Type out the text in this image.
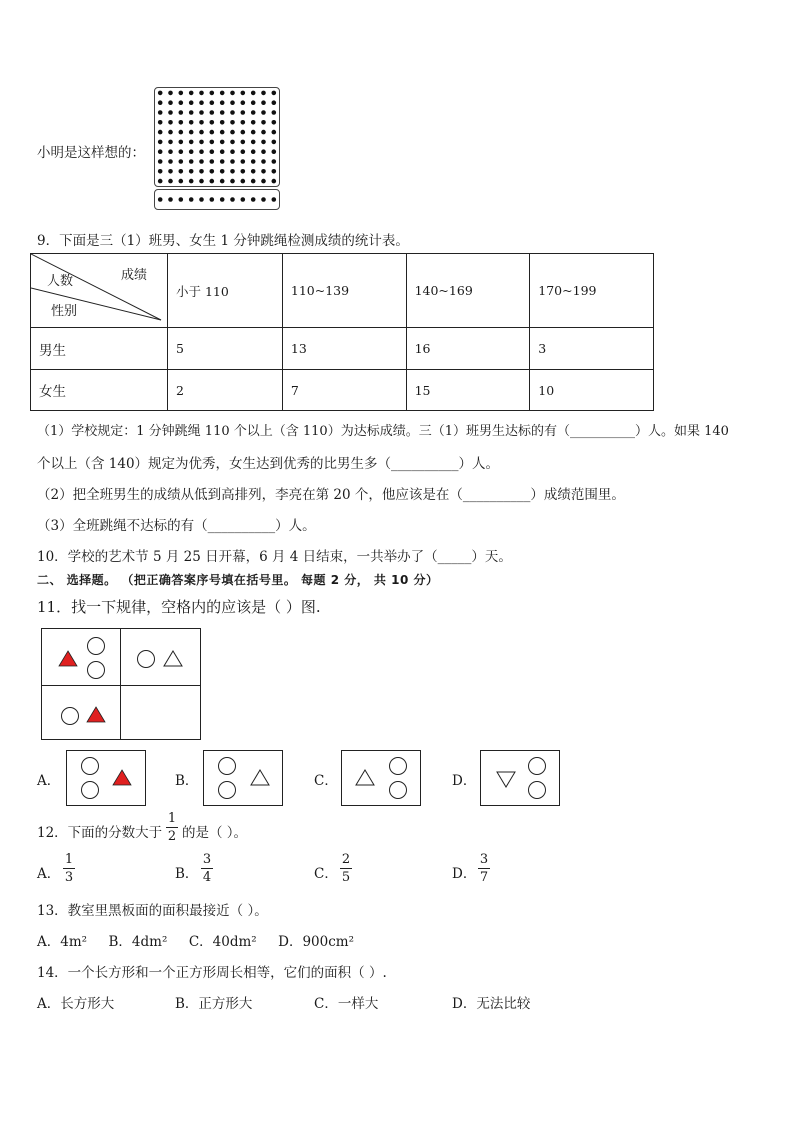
小明是这样想的：
9．下面是三（1）班男、女生 1 分钟跳绳检测成绩的统计表。
成绩
人数
性别	小于 110	110~139	140~169	170~199
男生	5	13	16	3
女生	2	7	15	10
（1）学校规定：1 分钟跳绳 110 个以上（含 110）为达标成绩。三（1）班男生达标的有（__________）人。如果 140
个以上（含 140）规定为优秀，女生达到优秀的比男生多（__________）人。
（2）把全班男生的成绩从低到高排列，李亮在第 20 个，他应该是在（__________）成绩范围里。
（3）全班跳绳不达标的有（__________）人。
10．学校的艺术节 5 月 25 日开幕，6 月 4 日结束，一共举办了（_____）天。
二、 选择题。 （把正确答案序号填在括号里。 每题 2 分， 共 10 分）
11．找一下规律，空格内的应该是（ ）图.
A．	B．	C．	D．
12．下面的分数大于
1
2 的是（ ）。
A．
1
3	B．
3
4	C．
2
5	D．
3
7
13．教室里黑板面的面积最接近（ ）。
A．4m²     B．4dm²     C．40dm²     D．900cm²
14．一个长方形和一个正方形周长相等，它们的面积（ ）.
A．长方形大	B．正方形大	C．一样大	D．无法比较
